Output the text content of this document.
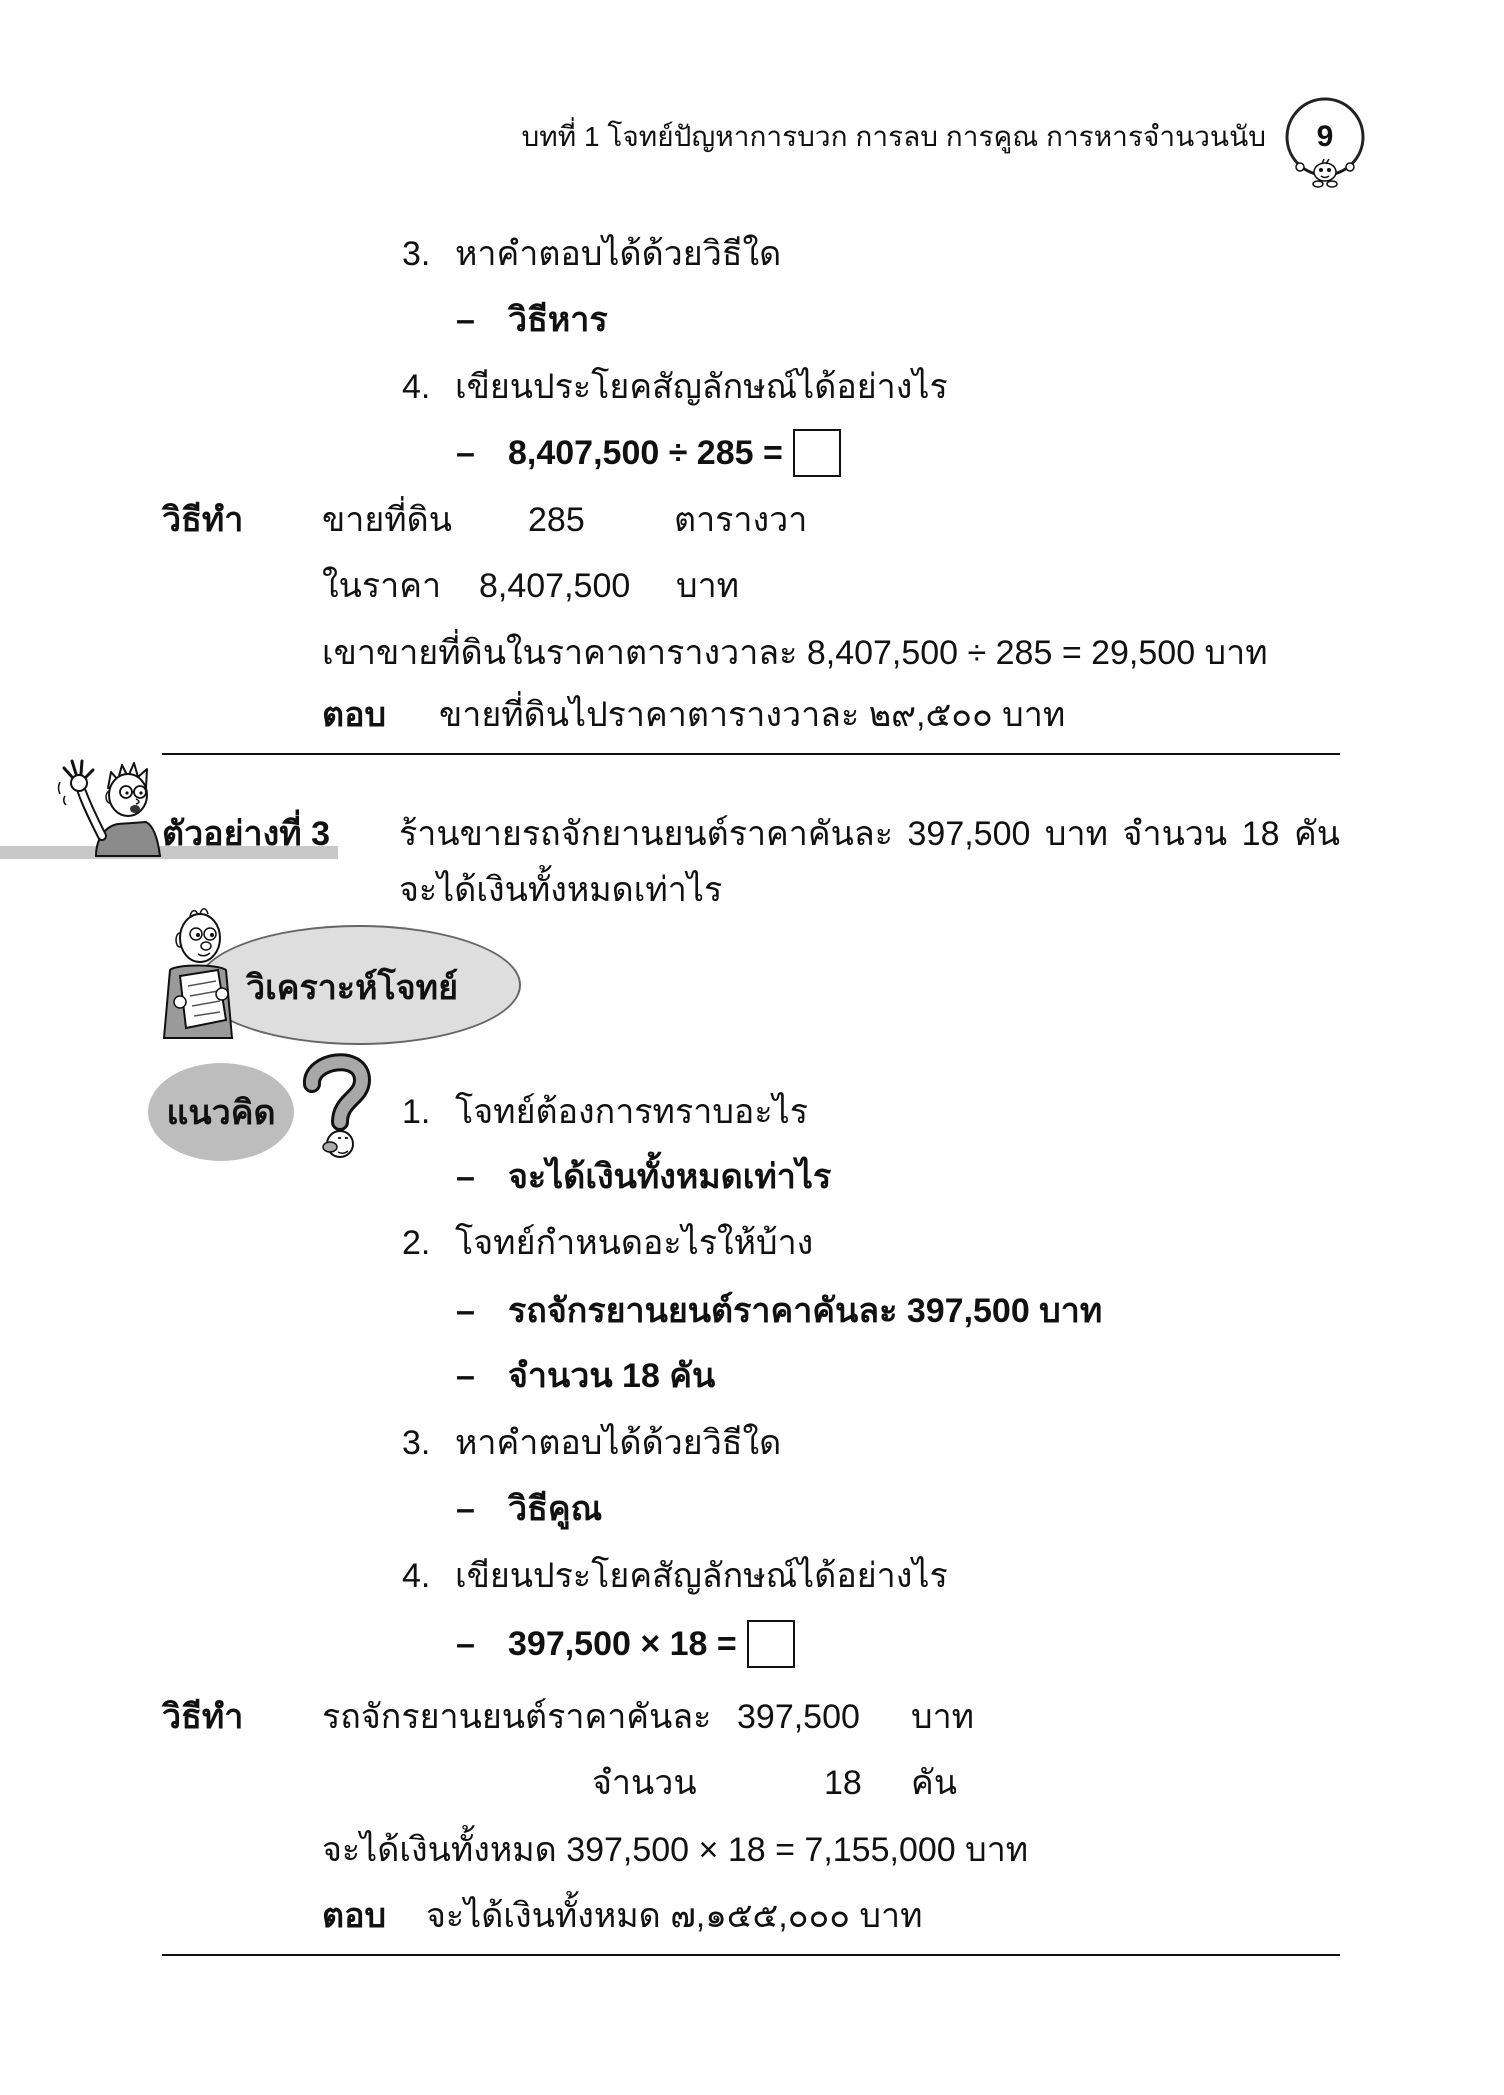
บทที่ 1 โจทย์ปัญหาการบวก การลบ การคูณ การหารจำนวนนับ 9
3. หาคำตอบได้ด้วยวิธีใด
– วิธีหาร
4. เขียนประโยคสัญลักษณ์ได้อย่างไร
– 8,407,500 ÷ 285 =
วิธีทำ ขายที่ดิน 285	ตารางวา
ในราคา 8,407,500 บาท
เขาขายที่ดินในราคาตารางวาละ 8,407,500 ÷ 285 = 29,500 บาท
ตอบ ขายที่ดินไปราคาตารางวาละ ๒๙,๕๐๐ บาท
ตัวอย่างที่ 3 ร้านขายรถจักยานยนต์ราคาคันละ 397,500 บาท จำนวน 18 คัน
จะได้เงินทั้งหมดเท่าไร
วิเคราะห์โจทย์
แนวคิด	1. โจทย์ต้องการทราบอะไร
– จะได้เงินทั้งหมดเท่าไร
2. โจทย์กำหนดอะไรให้บ้าง
– รถจักรยานยนต์ราคาคันละ 397,500 บาท
– จำนวน 18 คัน
3. หาคำตอบได้ด้วยวิธีใด
– วิธีคูณ
4. เขียนประโยคสัญลักษณ์ได้อย่างไร
– 397,500 × 18 =
วิธีทำ รถจักรยานยนต์ราคาคันละ 397,500 บาท
จำนวน	18 คัน
จะได้เงินทั้งหมด 397,500 × 18 = 7,155,000 บาท
ตอบ จะได้เงินทั้งหมด ๗,๑๕๕,๐๐๐ บาท
